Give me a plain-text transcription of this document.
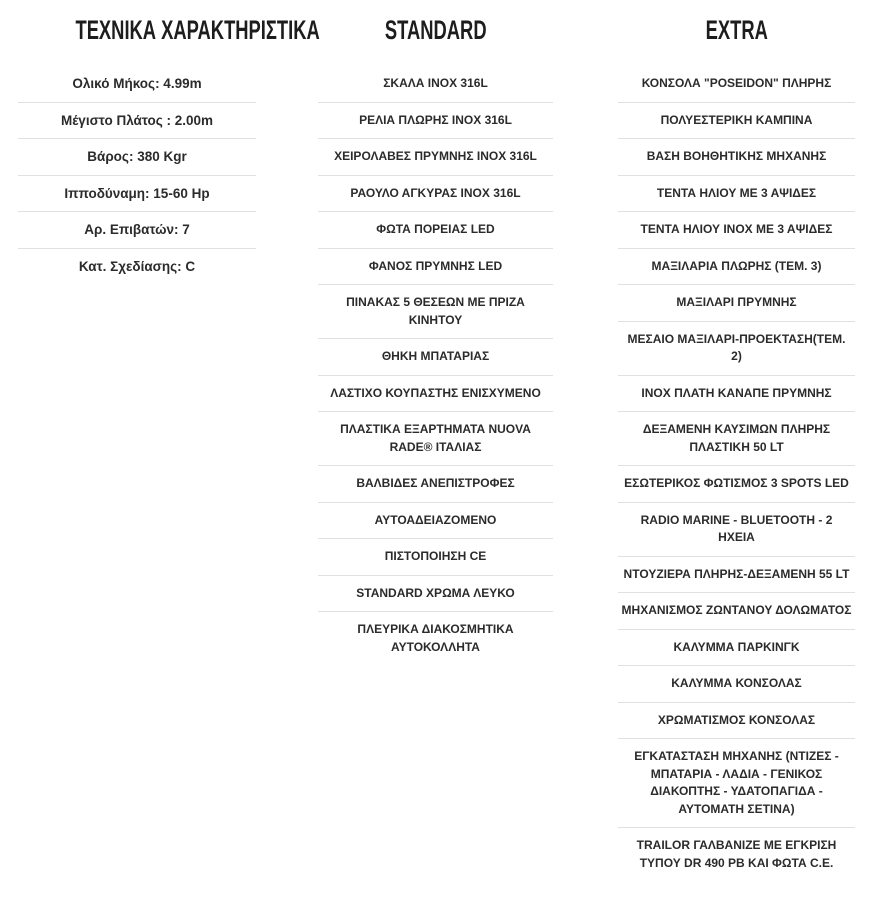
ΤΕΧΝΙΚΑ ΧΑΡΑΚΤΗΡΙΣΤΙΚΑ
Ολικό Μήκος: 4.99m
Μέγιστο Πλάτος : 2.00m
Βάρος: 380 Kgr
Ιπποδύναμη: 15-60 Hp
Αρ. Επιβατών: 7
Κατ. Σχεδίασης: C
STANDARD
ΣΚΑΛΑ INOX 316L
ΡΕΛΙΑ ΠΛΩΡΗΣ INOX 316L
ΧΕΙΡΟΛΑΒΕΣ ΠΡΥΜΝΗΣ INOX 316L
ΡΑΟΥΛΟ ΑΓΚΥΡΑΣ INOX 316L
ΦΩΤΑ ΠΟΡΕΙΑΣ LED
ΦΑΝΟΣ ΠΡΥΜΝΗΣ LED
ΠΙΝΑΚΑΣ 5 ΘΕΣΕΩΝ ΜΕ ΠΡΙΖΑ ΚΙΝΗΤΟΥ
ΘΗΚΗ ΜΠΑΤΑΡΙΑΣ
ΛΑΣΤΙΧΟ ΚΟΥΠΑΣΤΗΣ ΕΝΙΣΧΥΜΕΝΟ
ΠΛΑΣΤΙΚΑ ΕΞΑΡΤΗΜΑΤΑ NUOVA RADE® ΙΤΑΛΙΑΣ
ΒΑΛΒΙΔΕΣ ΑΝΕΠΙΣΤΡΟΦΕΣ
ΑΥΤΟΑΔΕΙΑΖΟΜΕΝΟ
ΠΙΣΤΟΠΟΙΗΣΗ CE
STANDARD ΧΡΩΜΑ ΛΕΥΚΟ
ΠΛΕΥΡΙΚΑ ΔΙΑΚΟΣΜΗΤΙΚΑ ΑΥΤΟΚΟΛΛΗΤΑ
EXTRA
ΚΟΝΣΟΛΑ "POSEIDON" ΠΛΗΡΗΣ
ΠΟΛΥΕΣΤΕΡΙΚΗ ΚΑΜΠΙΝΑ
ΒΑΣΗ ΒΟΗΘΗΤΙΚΗΣ ΜΗΧΑΝΗΣ
ΤΕΝΤΑ ΗΛΙΟΥ ΜΕ 3 ΑΨΙΔΕΣ
ΤΕΝΤΑ ΗΛΙΟΥ INOX ΜΕ 3 ΑΨΙΔΕΣ
ΜΑΞΙΛΑΡΙΑ ΠΛΩΡΗΣ (ΤΕΜ. 3)
ΜΑΞΙΛΑΡΙ ΠΡΥΜΝΗΣ
ΜΕΣΑΙΟ ΜΑΞΙΛΑΡΙ-ΠΡΟΕΚΤΑΣΗ(ΤΕΜ. 2)
INOX ΠΛΑΤΗ ΚΑΝΑΠΕ ΠΡΥΜΝΗΣ
ΔΕΞΑΜΕΝΗ ΚΑΥΣΙΜΩΝ ΠΛΗΡΗΣ ΠΛΑΣΤΙΚΗ 50 LT
ΕΣΩΤΕΡΙΚΟΣ ΦΩΤΙΣΜΟΣ 3 SPOTS LED
RADIO MARINE - BLUETOOTH - 2 ΗΧΕΙΑ
ΝΤΟΥΖΙΕΡΑ ΠΛΗΡΗΣ-ΔΕΞΑΜΕΝΗ 55 LT
ΜΗΧΑΝΙΣΜΟΣ ΖΩΝΤΑΝΟΥ ΔΟΛΩΜΑΤΟΣ
ΚΑΛΥΜΜΑ ΠΑΡΚΙΝΓΚ
ΚΑΛΥΜΜΑ ΚΟΝΣΟΛΑΣ
ΧΡΩΜΑΤΙΣΜΟΣ ΚΟΝΣΟΛΑΣ
ΕΓΚΑΤΑΣΤΑΣΗ ΜΗΧΑΝΗΣ (ΝΤΙΖΕΣ - ΜΠΑΤΑΡΙΑ - ΛΑΔΙΑ - ΓΕΝΙΚΟΣ ΔΙΑΚΟΠΤΗΣ - ΥΔΑΤΟΠΑΓΙΔΑ - ΑΥΤΟΜΑΤΗ ΣΕΤΙΝΑ)
TRAILOR ΓΑΛΒΑΝΙΖΕ ΜΕ ΕΓΚΡΙΣΗ ΤΥΠΟΥ DR 490 PB ΚΑΙ ΦΩΤΑ C.E.
